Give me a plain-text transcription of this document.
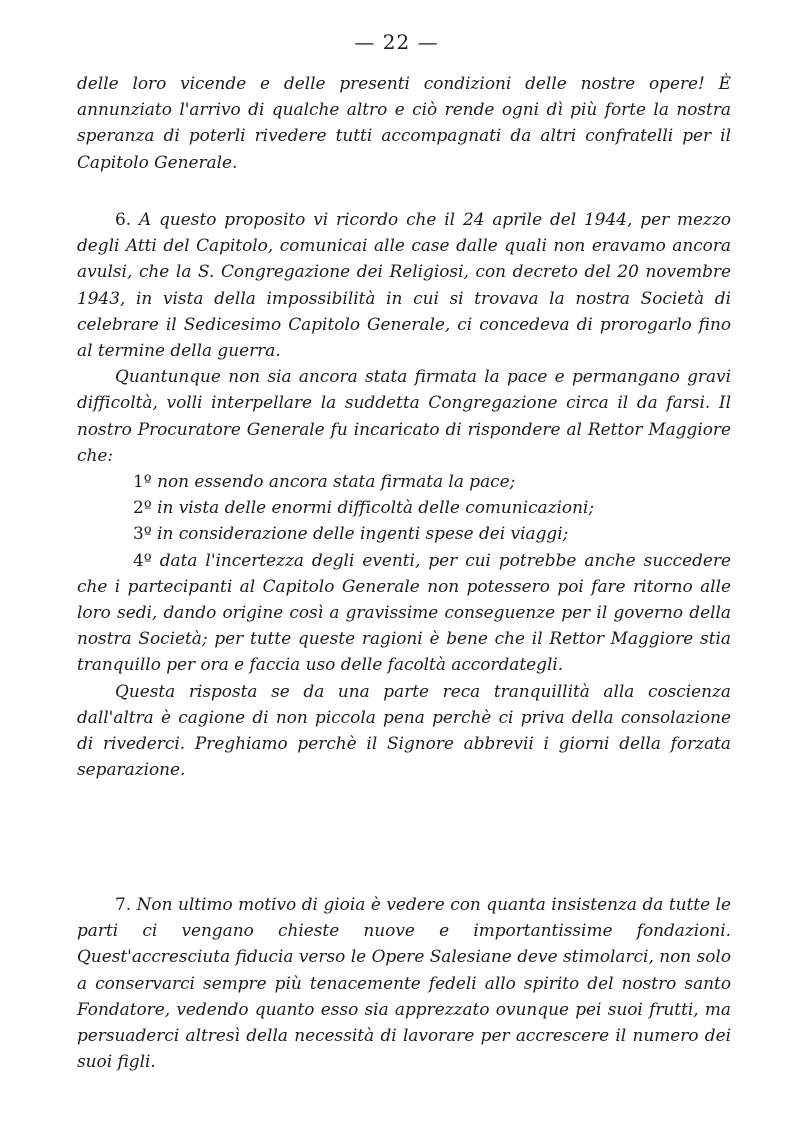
— 22 —

delle loro vicende e delle presenti condizioni delle nostre opere! È annunziato l'arrivo di qualche altro e ciò rende ogni dì più forte la nostra speranza di poterli rivedere tutti accompagnati da altri confratelli per il Capitolo Generale.

6. A questo proposito vi ricordo che il 24 aprile del 1944, per mezzo degli Atti del Capitolo, comunicai alle case dalle quali non eravamo ancora avulsi, che la S. Congregazione dei Religiosi, con decreto del 20 novembre 1943, in vista della impossibilità in cui si trovava la nostra Società di celebrare il Sedicesimo Capitolo Generale, ci concedeva di prorogarlo fino al termine della guerra.

Quantunque non sia ancora stata firmata la pace e permangano gravi difficoltà, volli interpellare la suddetta Congregazione circa il da farsi. Il nostro Procuratore Generale fu incaricato di rispondere al Rettor Maggiore che:

1º non essendo ancora stata firmata la pace;

2º in vista delle enormi difficoltà delle comunicazioni;

3º in considerazione delle ingenti spese dei viaggi;

4º data l'incertezza degli eventi, per cui potrebbe anche succedere che i partecipanti al Capitolo Generale non potessero poi fare ritorno alle loro sedi, dando origine così a gravissime conseguenze per il governo della nostra Società; per tutte queste ragioni è bene che il Rettor Maggiore stia tranquillo per ora e faccia uso delle facoltà accordategli.

Questa risposta se da una parte reca tranquillità alla coscienza dall'altra è cagione di non piccola pena perchè ci priva della consolazione di rivederci. Preghiamo perchè il Signore abbrevii i giorni della forzata separazione.

7. Non ultimo motivo di gioia è vedere con quanta insistenza da tutte le parti ci vengano chieste nuove e importantissime fondazioni. Quest'accresciuta fiducia verso le Opere Salesiane deve stimolarci, non solo a conservarci sempre più tenacemente fedeli allo spirito del nostro santo Fondatore, vedendo quanto esso sia apprezzato ovunque pei suoi frutti, ma persuaderci altresì della necessità di lavorare per accrescere il numero dei suoi figli.
